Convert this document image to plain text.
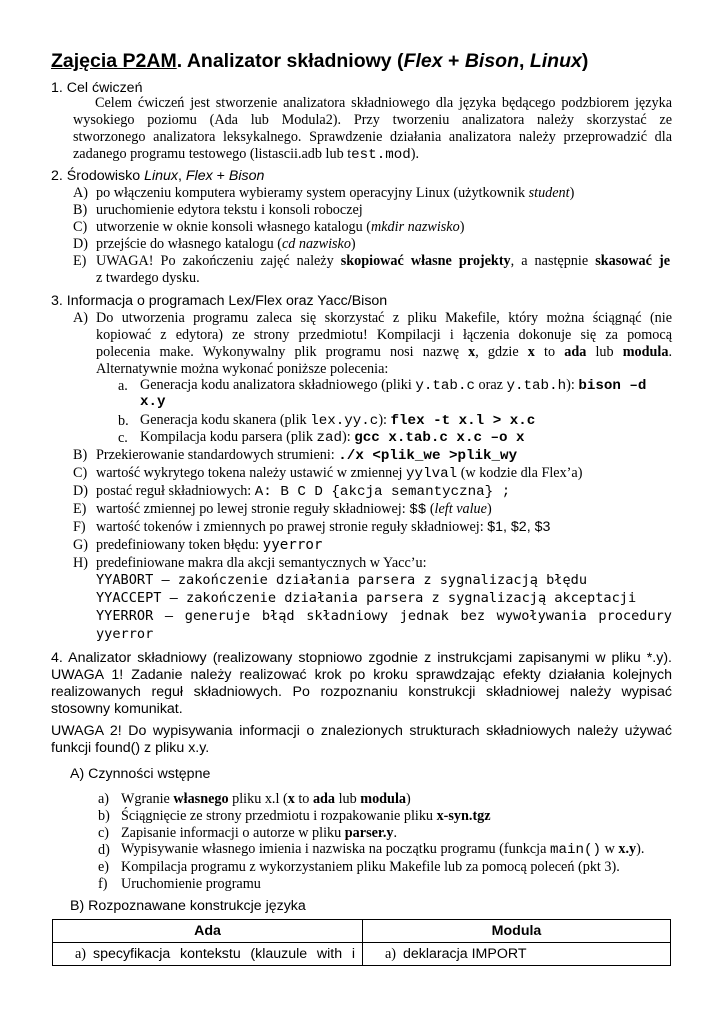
Zajęcia P2AM. Analizator składniowy (Flex + Bison, Linux)
1. Cel ćwiczeń
Celem ćwiczeń jest stworzenie analizatora składniowego dla języka będącego podzbiorem języka
wysokiego poziomu (Ada lub Modula2). Przy tworzeniu analizatora należy skorzystać ze
stworzonego analizatora leksykalnego. Sprawdzenie działania analizatora należy przeprowadzić dla
zadanego programu testowego (listascii.adb lub test.mod).
2. Środowisko Linux, Flex + Bison
A) po włączeniu komputera wybieramy system operacyjny Linux (użytkownik student)
B) uruchomienie edytora tekstu i konsoli roboczej
C) utworzenie w oknie konsoli własnego katalogu (mkdir nazwisko)
D) przejście do własnego katalogu (cd nazwisko)
E) UWAGA! Po zakończeniu zajęć należy skopiować własne projekty, a następnie skasować je
z twardego dysku.
3. Informacja o programach Lex/Flex oraz Yacc/Bison
A) Do utworzenia programu zaleca się skorzystać z pliku Makefile, który można ściągnąć (nie
kopiować z edytora) ze strony przedmiotu! Kompilacji i łączenia dokonuje się za pomocą
polecenia make. Wykonywalny plik programu nosi nazwę x, gdzie x to ada lub modula.
Alternatywnie można wykonać poniższe polecenia:
a. Generacja kodu analizatora składniowego (pliki y.tab.c oraz y.tab.h): bison –d
x.y
b. Generacja kodu skanera (plik lex.yy.c): flex -t x.l > x.c
c. Kompilacja kodu parsera (plik zad): gcc x.tab.c x.c –o x
B) Przekierowanie standardowych strumieni: ./x <plik_we >plik_wy
C) wartość wykrytego tokena należy ustawić w zmiennej yylval (w kodzie dla Flex’a)
D) postać reguł składniowych: A: B C D {akcja semantyczna} ;
E) wartość zmiennej po lewej stronie reguły składniowej: $$ (left value)
F) wartość tokenów i zmiennych po prawej stronie reguły składniowej: $1, $2, $3
G) predefiniowany token błędu: yyerror
H) predefiniowane makra dla akcji semantycznych w Yacc’u:
YYABORT – zakończenie działania parsera z sygnalizacją błędu
YYACCEPT – zakończenie działania parsera z sygnalizacją akceptacji
YYERROR – generuje błąd składniowy jednak bez wywoływania procedury
yyerror
4. Analizator składniowy (realizowany stopniowo zgodnie z instrukcjami zapisanymi w pliku *.y).
UWAGA 1! Zadanie należy realizować krok po kroku sprawdzając efekty działania kolejnych
realizowanych reguł składniowych. Po rozpoznaniu konstrukcji składniowej należy wypisać
stosowny komunikat.
UWAGA 2! Do wypisywania informacji o znalezionych strukturach składniowych należy używać
funkcji found() z pliku x.y.
A) Czynności wstępne
a) Wgranie własnego pliku x.l (x to ada lub modula)
b) Ściągnięcie ze strony przedmiotu i rozpakowanie pliku x-syn.tgz
c) Zapisanie informacji o autorze w pliku parser.y.
d) Wypisywanie własnego imienia i nazwiska na początku programu (funkcja main() w x.y).
e) Kompilacja programu z wykorzystaniem pliku Makefile lub za pomocą poleceń (pkt 3).
f) Uruchomienie programu
B) Rozpoznawane konstrukcje języka
Ada	Modula
a) specyfikacja kontekstu (klauzule with i	a) deklaracja IMPORT
